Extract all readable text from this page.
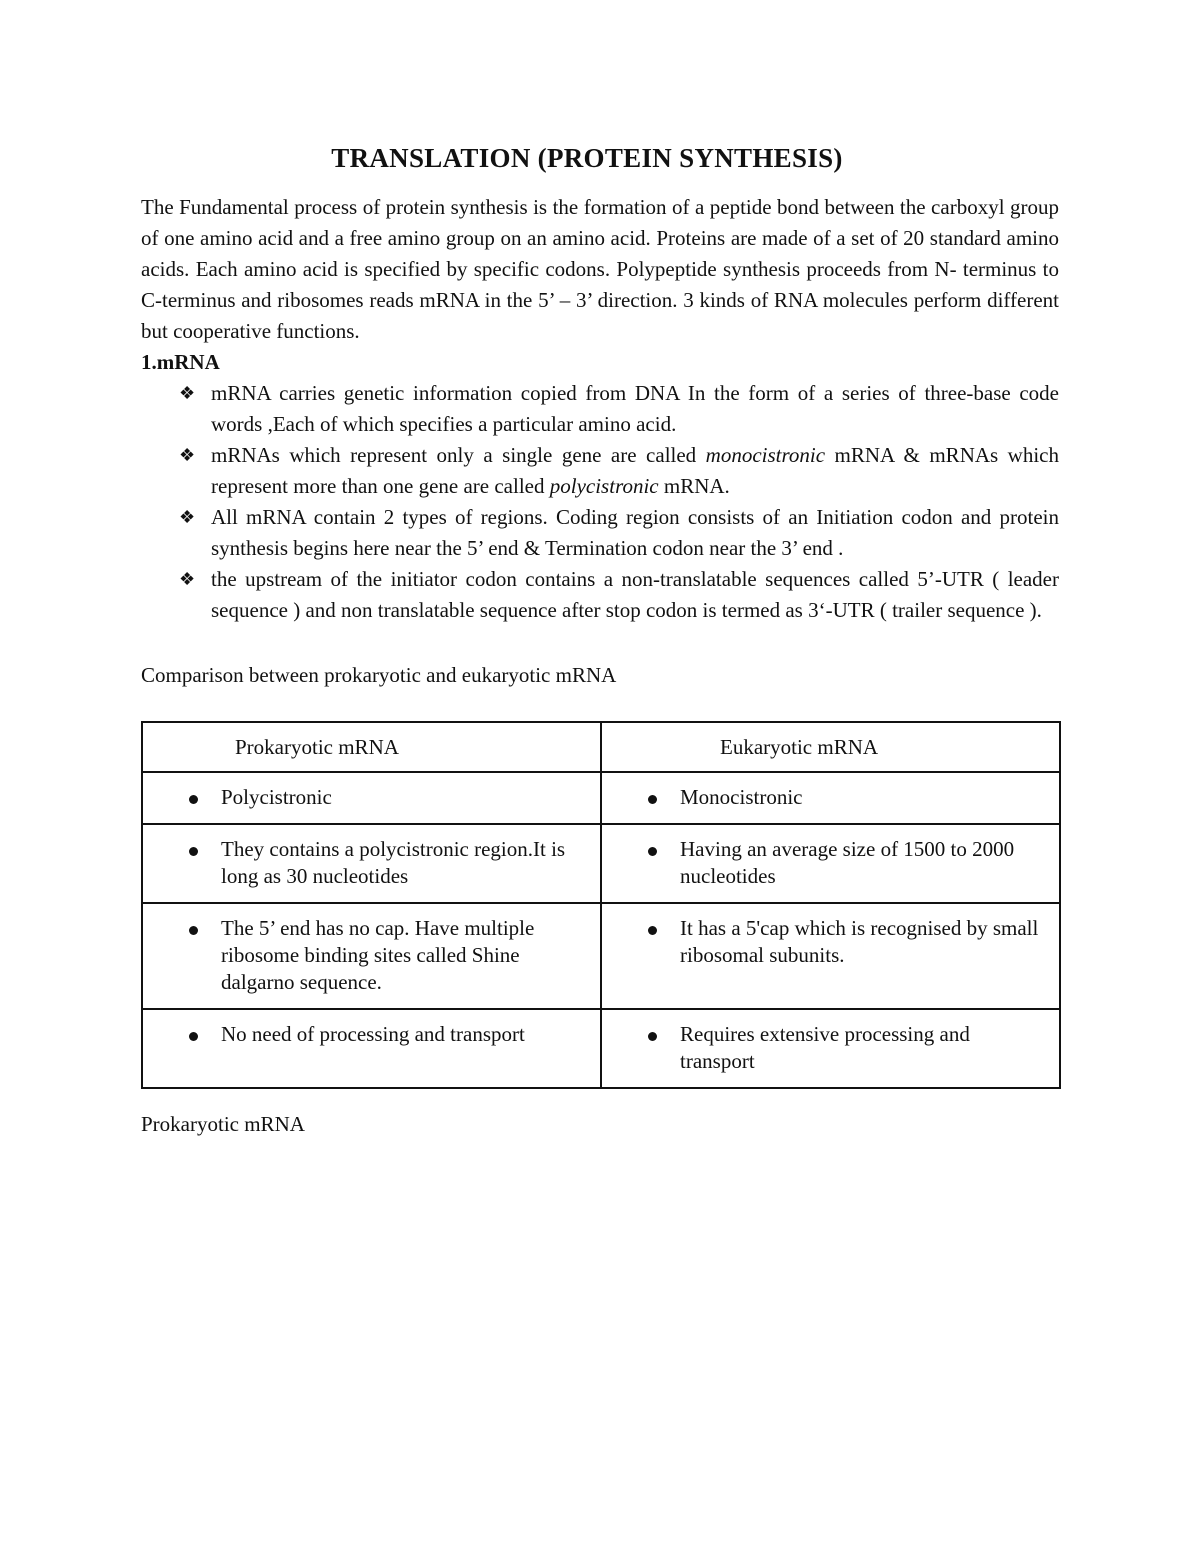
TRANSLATION (PROTEIN SYNTHESIS)

The Fundamental process of protein synthesis is the formation of a peptide bond between the carboxyl group of one amino acid and a free amino group on an amino acid. Proteins are made of a set of 20 standard amino acids. Each amino acid is specified by specific codons. Polypeptide synthesis proceeds from N- terminus to C-terminus and ribosomes reads mRNA in the 5’ – 3’ direction. 3 kinds of RNA molecules perform different but cooperative functions.

1.mRNA
❖ mRNA carries genetic information copied from DNA In the form of a series of three-base code words ,Each of which specifies a particular amino acid.
❖ mRNAs which represent only a single gene are called monocistronic mRNA & mRNAs which represent more than one gene are called polycistronic mRNA.
❖ All mRNA contain 2 types of regions. Coding region consists of an Initiation codon and protein synthesis begins here near the 5’ end & Termination codon near the 3’ end .
❖ the upstream of the initiator codon contains a non-translatable sequences called 5’-UTR ( leader sequence ) and non translatable sequence after stop codon is termed as 3‘-UTR ( trailer sequence ).
Comparison between prokaryotic and eukaryotic mRNA
Prokaryotic mRNA	Eukaryotic mRNA

Polycistronic	Monocistronic

They contains a polycistronic region.It is long as 30 nucleotides	Having an average size of 1500 to 2000 nucleotides

The 5’ end has no cap. Have multiple ribosome binding sites called Shine dalgarno sequence.	It has a 5'cap which is recognised by small ribosomal subunits.

No need of processing and transport	Requires extensive processing and transport
Prokaryotic mRNA
